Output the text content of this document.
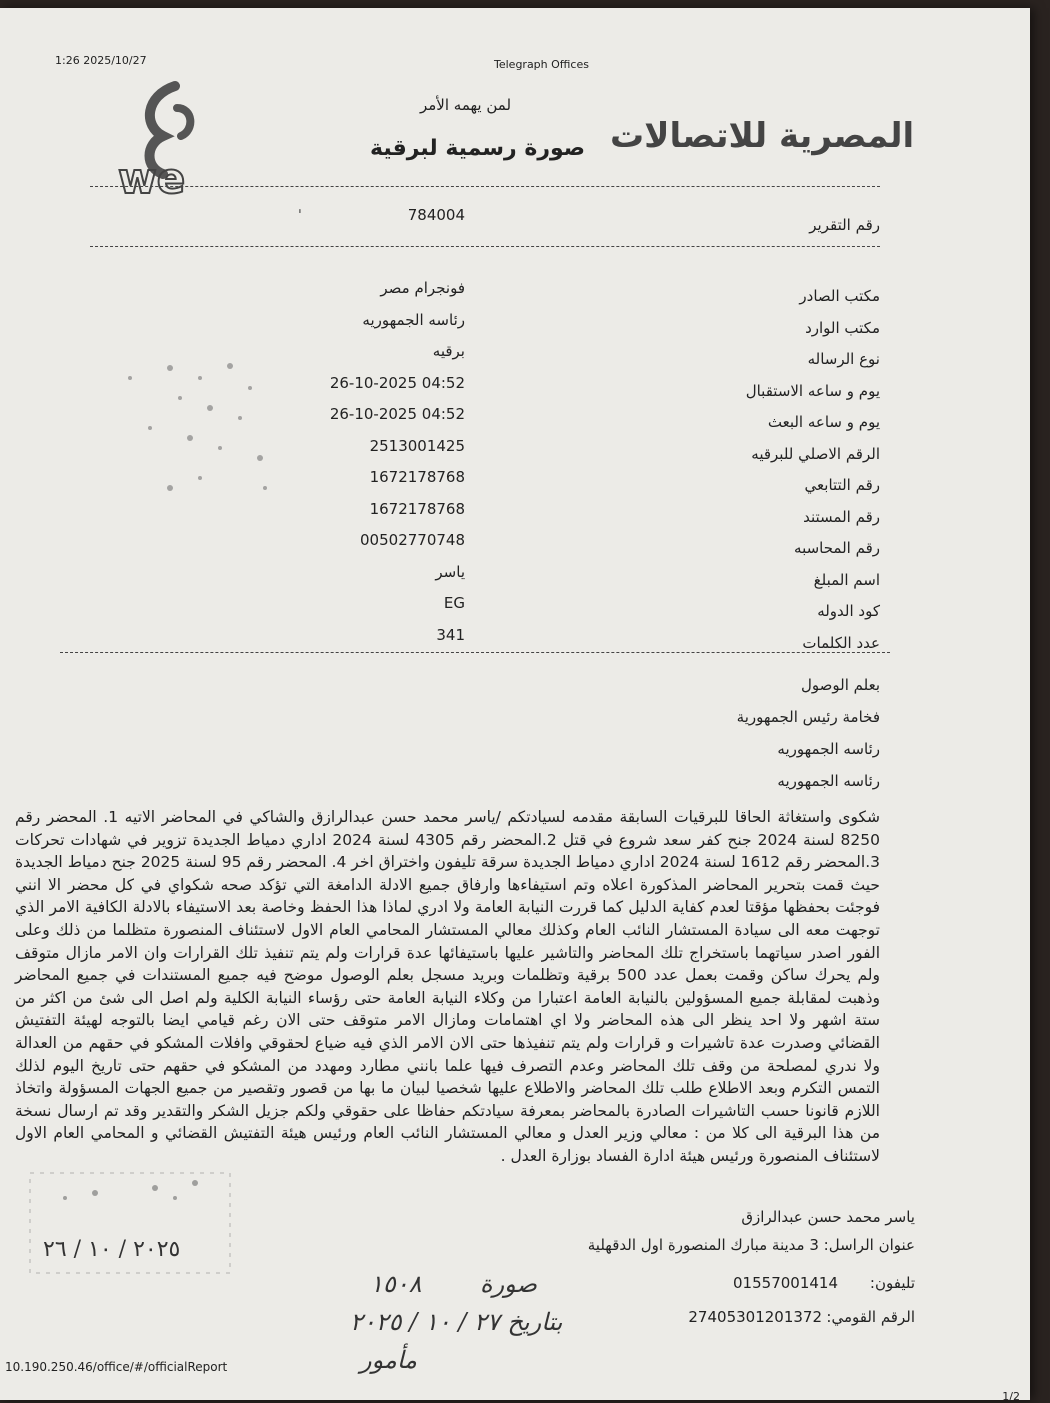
1:26 2025/10/27	Telegraph Offices
we
لمن يهمه الأمر
صورة رسمية لبرقية المصرية للاتصالات
رقم التقرير
784004
ˈ
مكتب الصادر
فونجرام مصر
مكتب الوارد
رئاسه الجمهوريه
نوع الرساله
برقيه
يوم و ساعه الاستقبال
26-10-2025 04:52
يوم و ساعه البعث
26-10-2025 04:52
الرقم الاصلي للبرقيه
2513001425
رقم التتابعي
1672178768
رقم المستند
1672178768
رقم المحاسبه
00502770748
اسم المبلغ
ياسر
كود الدوله
EG
عدد الكلمات
341
بعلم الوصول
فخامة رئيس الجمهورية
رئاسه الجمهوريه
رئاسه الجمهوريه
شكوى واستغاثة الحاقا للبرقيات السابقة مقدمه لسيادتكم /ياسر محمد حسن عبدالرازق والشاكي في المحاضر الاتيه 1. المحضر رقم 8250 لسنة 2024 جنح كفر سعد شروع في قتل 2.المحضر رقم 4305 لسنة 2024 اداري دمياط الجديدة تزوير في شهادات تحركات 3.المحضر رقم 1612 لسنة 2024 اداري دمياط الجديدة سرقة تليفون واختراق اخر 4. المحضر رقم 95 لسنة 2025 جنح دمياط الجديدة حيث قمت بتحرير المحاضر المذكورة اعلاه وتم استيفاءها وارفاق جميع الادلة الدامغة التي تؤكد صحه شكواي في كل محضر الا انني فوجئت بحفظها مؤقتا لعدم كفاية الدليل كما قررت النيابة العامة ولا ادري لماذا هذا الحفظ وخاصة بعد الاستيفاء بالادلة الكافية الامر الذي توجهت معه الى سيادة المستشار النائب العام وكذلك معالي المستشار المحامي العام الاول لاستئناف المنصورة متظلما من ذلك وعلى الفور اصدر سياتهما باستخراج تلك المحاضر والتاشير عليها باستيفائها عدة قرارات ولم يتم تنفيذ تلك القرارات وان الامر مازال متوقف ولم يحرك ساكن وقمت بعمل عدد 500 برقية وتظلمات وبريد مسجل بعلم الوصول موضح فيه جميع المستندات في جميع المحاضر وذهبت لمقابلة جميع المسؤولين بالنيابة العامة اعتبارا من وكلاء النيابة العامة حتى رؤساء النيابة الكلية ولم اصل الى شئ من اكثر من ستة اشهر ولا احد ينظر الى هذه المحاضر ولا اي اهتمامات ومازال الامر متوقف حتى الان رغم قيامي ايضا بالتوجه لهيئة التفتيش القضائي وصدرت عدة تاشيرات و قرارات ولم يتم تنفيذها حتى الان الامر الذي فيه ضياع لحقوقي وافلات المشكو في حقهم من العدالة ولا ندري لمصلحة من وقف تلك المحاضر وعدم التصرف فيها علما بانني مطارد ومهدد من المشكو في حقهم حتى تاريخ اليوم لذلك التمس التكرم وبعد الاطلاع طلب تلك المحاضر والاطلاع عليها شخصيا لبيان ما بها من قصور وتقصير من جميع الجهات المسؤولة واتخاذ اللازم قانونا حسب التاشيرات الصادرة بالمحاضر بمعرفة سيادتكم حفاظا على حقوقي ولكم جزيل الشكر والتقدير وقد تم ارسال نسخة من هذا البرقية الى كلا من : معالي وزير العدل و معالي المستشار النائب العام ورئيس هيئة التفتيش القضائي و المحامي العام الاول لاستئناف المنصورة ورئيس هيئة ادارة الفساد بوزارة العدل .
ياسر محمد حسن عبدالرازق
عنوان الراسل: 3 مدينة مبارك المنصورة اول الدقهلية
تليفون:
01557001414
الرقم القومي:
27405301201372
٢٠٢٥ / ١٠ / ٢٦
صورة
١٥٠٨
بتاريخ ٢٧ / ١٠ / ٢٠٢٥
مأمور
10.190.250.46/office/#/officialReport
1/2
